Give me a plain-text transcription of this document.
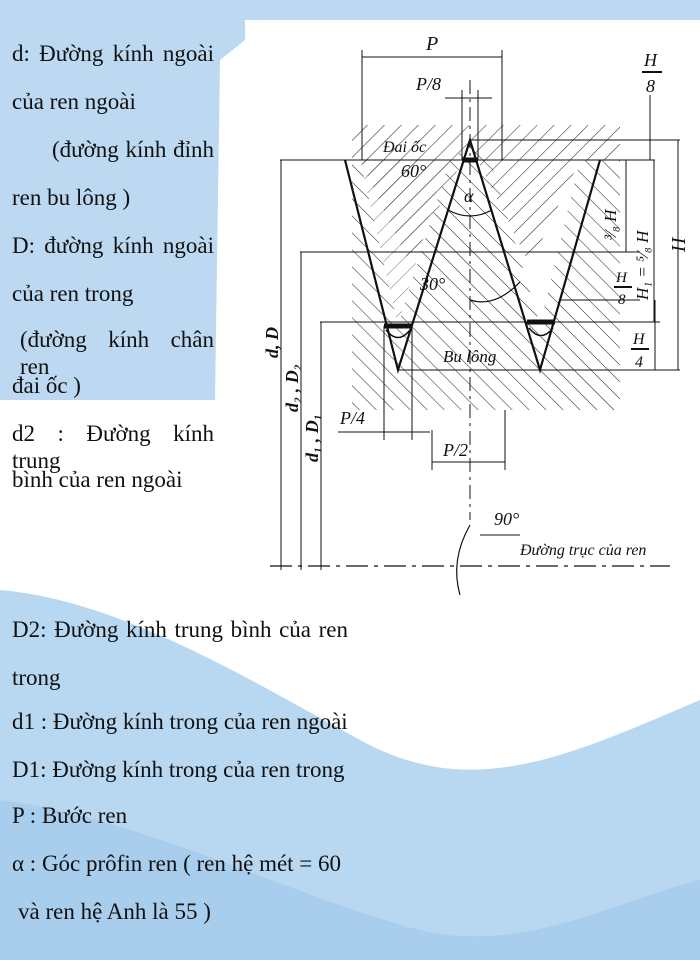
d: Đường kính ngoài
của ren ngoài
(đường kính đỉnh
ren bu lông )
D: đường kính ngoài
của ren trong
(đường kính chân ren
đai ốc )
d2 : Đường kính trung
bình của ren ngoài
D2: Đường kính trung bình của ren
trong
d1 : Đường kính trong của ren ngoài
D1: Đường kính trong của ren trong
P : Bước ren
α : Góc prôfin ren ( ren hệ mét = 60
và ren hệ Anh là 55 )
P
P/8
Đai ốc
60°
α
30°
Bu lông
P/4
P/2
90°
Đường trục của ren
H
8
H
H₁ = ⁵⁄₈ H
³⁄₈ H
H
8
H
4
d, D
d₂ , D₂
d₁ , D₁
